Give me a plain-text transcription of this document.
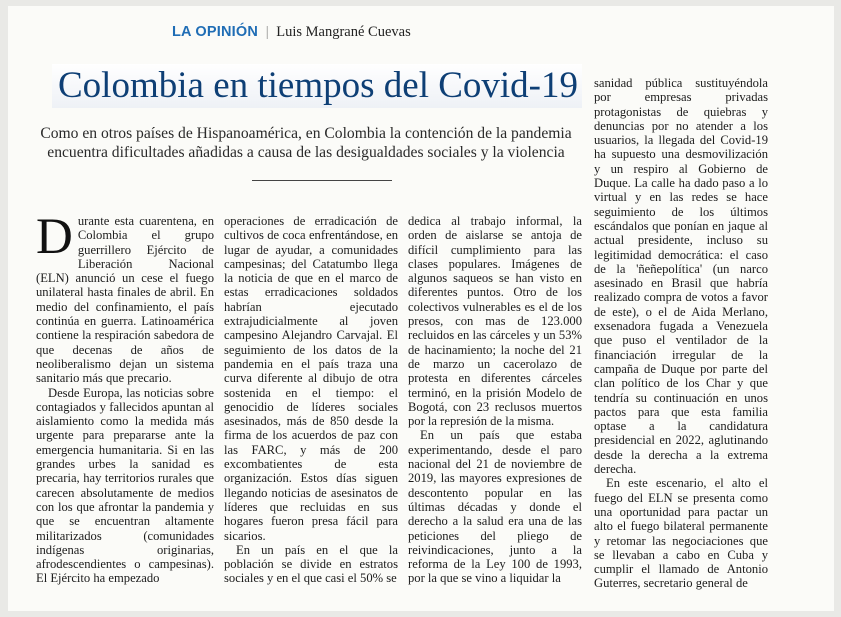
LA OPINIÓN | Luis Mangrané Cuevas
Colombia en tiempos del Covid-19
Como en otros países de Hispanoamérica, en Colombia la contención de la pandemia encuentra dificultades añadidas a causa de las desigualdades sociales y la violencia

Durante esta cuarentena, en Colombia el grupo guerrillero Ejército de Liberación Nacional (ELN) anunció un cese el fuego unilateral hasta finales de abril. En medio del confinamiento, el país continúa en guerra. Latinoamérica contiene la respiración sabedora de que decenas de años de neoliberalismo dejan un sistema sanitario más que precario.

Desde Europa, las noticias sobre contagiados y fallecidos apuntan al aislamiento como la medida más urgente para prepararse ante la emergencia humanitaria. Si en las grandes urbes la sanidad es precaria, hay territorios rurales que carecen absolutamente de medios con los que afrontar la pandemia y que se encuentran altamente militarizados (comunidades indígenas originarias, afrodescendientes o campesinas). El Ejército ha empezado

operaciones de erradicación de cultivos de coca enfrentándose, en lugar de ayudar, a comunidades campesinas; del Catatumbo llega la noticia de que en el marco de estas erradicaciones soldados habrían ejecutado extrajudicialmente al joven campesino Alejandro Carvajal. El seguimiento de los datos de la pandemia en el país traza una curva diferente al dibujo de otra sostenida en el tiempo: el genocidio de líderes sociales asesinados, más de 850 desde la firma de los acuerdos de paz con las FARC, y más de 200 excombatientes de esta organización. Estos días siguen llegando noticias de asesinatos de líderes que recluidas en sus hogares fueron presa fácil para sicarios.

En un país en el que la población se divide en estratos sociales y en el que casi el 50% se

dedica al trabajo informal, la orden de aislarse se antoja de difícil cumplimiento para las clases populares. Imágenes de algunos saqueos se han visto en diferentes puntos. Otro de los colectivos vulnerables es el de los presos, con mas de 123.000 recluidos en las cárceles y un 53% de hacinamiento; la noche del 21 de marzo un cacerolazo de protesta en diferentes cárceles terminó, en la prisión Modelo de Bogotá, con 23 reclusos muertos por la represión de la misma.

En un país que estaba experimentando, desde el paro nacional del 21 de noviembre de 2019, las mayores expresiones de descontento popular en las últimas décadas y donde el derecho a la salud era una de las peticiones del pliego de reivindicaciones, junto a la reforma de la Ley 100 de 1993, por la que se vino a liquidar la

sanidad pública sustituyéndola por empresas privadas protagonistas de quiebras y denuncias por no atender a los usuarios, la llegada del Covid-19 ha supuesto una desmovilización y un respiro al Gobierno de Duque. La calle ha dado paso a lo virtual y en las redes se hace seguimiento de los últimos escándalos que ponían en jaque al actual presidente, incluso su legitimidad democrática: el caso de la 'ñeñepolítica' (un narco asesinado en Brasil que habría realizado compra de votos a favor de este), o el de Aida Merlano, exsenadora fugada a Venezuela que puso el ventilador de la financiación irregular de la campaña de Duque por parte del clan político de los Char y que tendría su continuación en unos pactos para que esta familia optase a la candidatura presidencial en 2022, aglutinando desde la derecha a la extrema derecha.

En este escenario, el alto el fuego del ELN se presenta como una oportunidad para pactar un alto el fuego bilateral permanente y retomar las negociaciones que se llevaban a cabo en Cuba y cumplir el llamado de Antonio Guterres, secretario general de
